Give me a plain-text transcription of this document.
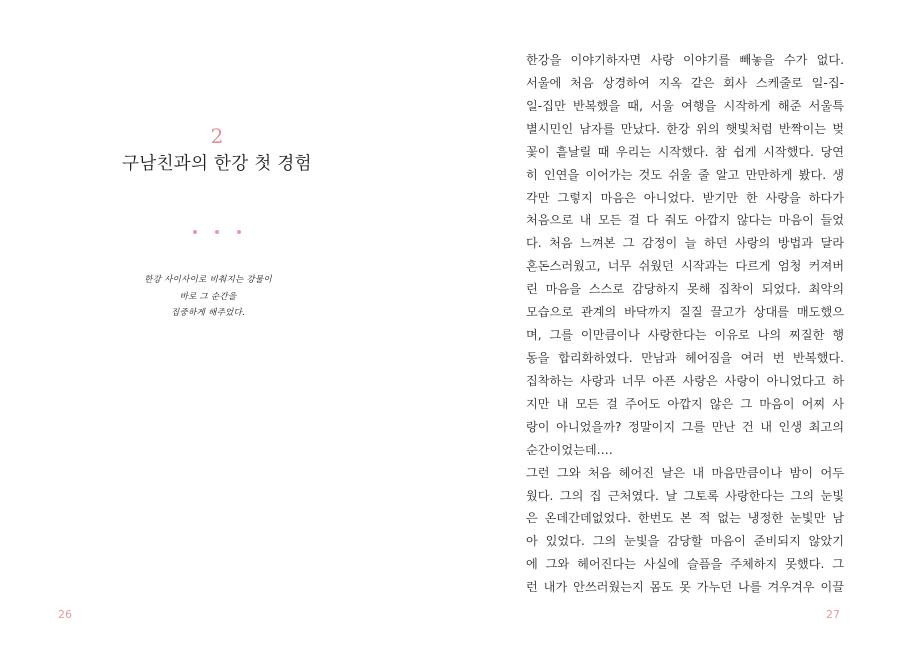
2
구남친과의 한강 첫 경험

한강 사이사이로 비춰지는 강물이
바로 그 순간을
집중하게 해주었다.
26
한강을 이야기하자면 사랑 이야기를 빼놓을 수가 없다.
서울에 처음 상경하여 지옥 같은 회사 스케줄로 일-집-
일-집만 반복했을 때, 서울 여행을 시작하게 해준 서울특
별시민인 남자를 만났다. 한강 위의 햇빛처럼 반짝이는 벚
꽃이 흩날릴 때 우리는 시작했다. 참 쉽게 시작했다. 당연
히 인연을 이어가는 것도 쉬울 줄 알고 만만하게 봤다. 생
각만 그렇지 마음은 아니었다. 받기만 한 사랑을 하다가
처음으로 내 모든 걸 다 줘도 아깝지 않다는 마음이 들었
다. 처음 느껴본 그 감정이 늘 하던 사랑의 방법과 달라
혼돈스러웠고, 너무 쉬웠던 시작과는 다르게 엄청 커져버
린 마음을 스스로 감당하지 못해 집착이 되었다. 최악의
모습으로 관계의 바닥까지 질질 끌고가 상대를 매도했으
며, 그를 이만큼이나 사랑한다는 이유로 나의 찌질한 행
동을 합리화하였다. 만남과 헤어짐을 여러 번 반복했다.
집착하는 사랑과 너무 아픈 사랑은 사랑이 아니었다고 하
지만 내 모든 걸 주어도 아깝지 않은 그 마음이 어찌 사
랑이 아니었을까? 정말이지 그를 만난 건 내 인생 최고의
순간이었는데….
그런 그와 처음 헤어진 날은 내 마음만큼이나 밤이 어두
웠다. 그의 집 근처였다. 날 그토록 사랑한다는 그의 눈빛
은 온데간데없었다. 한번도 본 적 없는 냉정한 눈빛만 남
아 있었다. 그의 눈빛을 감당할 마음이 준비되지 않았기
에 그와 헤어진다는 사실에 슬픔을 주체하지 못했다. 그
런 내가 안쓰러웠는지 몸도 못 가누던 나를 겨우겨우 이끌
27
